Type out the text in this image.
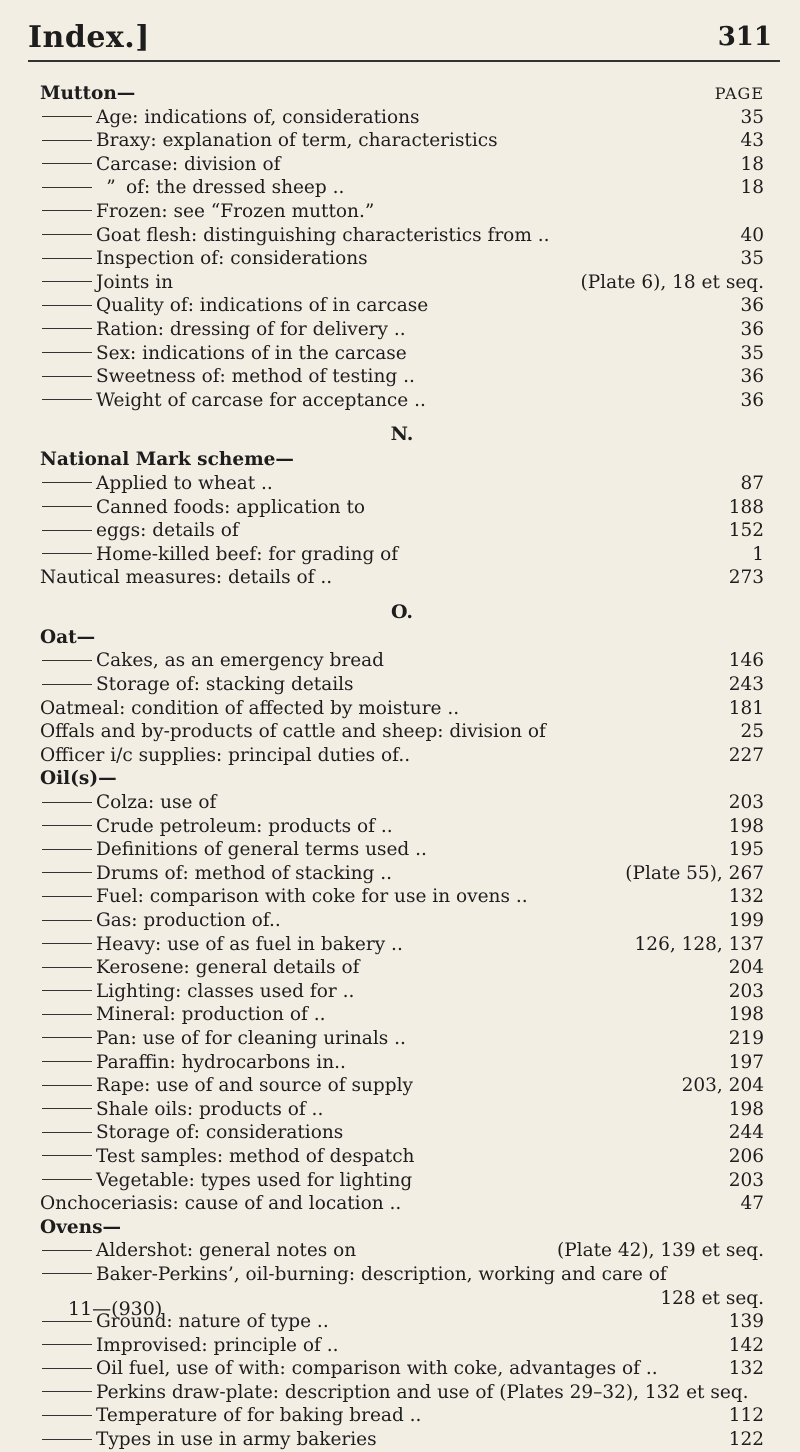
Index.]	311
PAGE
Mutton—
Age: indications of, considerations	35
Braxy: explanation of term, characteristics	43
Carcase: division of	18
” of: the dressed sheep ..	18
Frozen: see “Frozen mutton.”
Goat flesh: distinguishing characteristics from ..	40
Inspection of: considerations	35
Joints in	(Plate 6), 18 et seq.
Quality of: indications of in carcase	36
Ration: dressing of for delivery ..	36
Sex: indications of in the carcase	35
Sweetness of: method of testing ..	36
Weight of carcase for acceptance ..	36
N.
National Mark scheme—
Applied to wheat ..	87
Canned foods: application to	188
eggs: details of	152
Home-killed beef: for grading of	1
Nautical measures: details of ..	273
O.
Oat—
Cakes, as an emergency bread	146
Storage of: stacking details	243
Oatmeal: condition of affected by moisture ..	181
Offals and by-products of cattle and sheep: division of	25
Officer i/c supplies: principal duties of..	227
Oil(s)—
Colza: use of	203
Crude petroleum: products of ..	198
Definitions of general terms used ..	195
Drums of: method of stacking ..	(Plate 55), 267
Fuel: comparison with coke for use in ovens ..	132
Gas: production of..	199
Heavy: use of as fuel in bakery ..	126, 128, 137
Kerosene: general details of	204
Lighting: classes used for ..	203
Mineral: production of ..	198
Pan: use of for cleaning urinals ..	219
Paraffin: hydrocarbons in..	197
Rape: use of and source of supply	203, 204
Shale oils: products of ..	198
Storage of: considerations	244
Test samples: method of despatch	206
Vegetable: types used for lighting	203
Onchoceriasis: cause of and location ..	47
Ovens—
Aldershot: general notes on	(Plate 42), 139 et seq.
Baker-Perkins’, oil-burning: description, working and care of
128 et seq.
Ground: nature of type ..	139
Improvised: principle of ..	142
Oil fuel, use of with: comparison with coke, advantages of ..	132
Perkins draw-plate: description and use of (Plates 29–32), 132 et seq.
Temperature of for baking bread ..	112
Types in use in army bakeries	122
11—(930)
